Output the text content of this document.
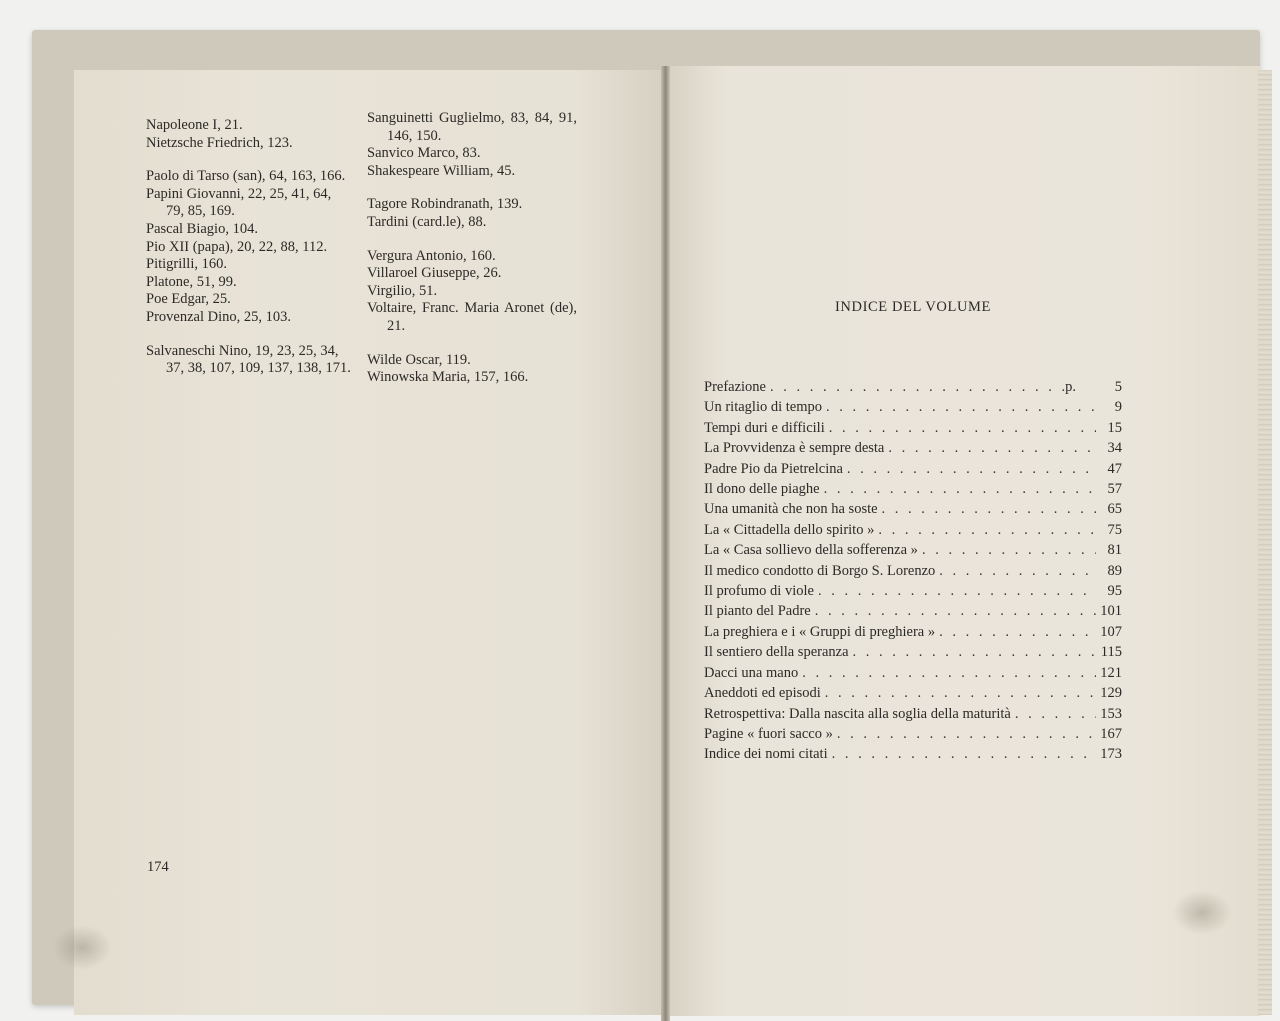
Napoleone I, 21.
Nietzsche Friedrich, 123.
Paolo di Tarso (san), 64, 163, 166.
Papini Giovanni, 22, 25, 41, 64, 79, 85, 169.
Pascal Biagio, 104.
Pio XII (papa), 20, 22, 88, 112.
Pitigrilli, 160.
Platone, 51, 99.
Poe Edgar, 25.
Provenzal Dino, 25, 103.
Salvaneschi Nino, 19, 23, 25, 34, 37, 38, 107, 109, 137, 138, 171.
Sanguinetti Guglielmo, 83, 84, 91, 146, 150.
Sanvico Marco, 83.
Shakespeare William, 45.
Tagore Robindranath, 139.
Tardini (card.le), 88.
Vergura Antonio, 160.
Villaroel Giuseppe, 26.
Virgilio, 51.
Voltaire, Franc. Maria Aronet (de), 21.
Wilde Oscar, 119.
Winowska Maria, 157, 166.
174
INDICE DEL VOLUME
Prefazione . . .	p.	5
Un ritaglio di tempo . . .	9
Tempi duri e difficili . . .	15
La Provvidenza è sempre desta . . .	34
Padre Pio da Pietrelcina . . .	47
Il dono delle piaghe . . .	57
Una umanità che non ha soste . . .	65
La « Cittadella dello spirito » . . .	75
La « Casa sollievo della sofferenza » . . .	81
Il medico condotto di Borgo S. Lorenzo . . .	89
Il profumo di viole . . .	95
Il pianto del Padre . . .	101
La preghiera e i « Gruppi di preghiera » . . .	107
Il sentiero della speranza . . .	115
Dacci una mano . . .	121
Aneddoti ed episodi . . .	129
Retrospettiva: Dalla nascita alla soglia della maturità . . .	153
Pagine « fuori sacco » . . .	167
Indice dei nomi citati . . .	173
